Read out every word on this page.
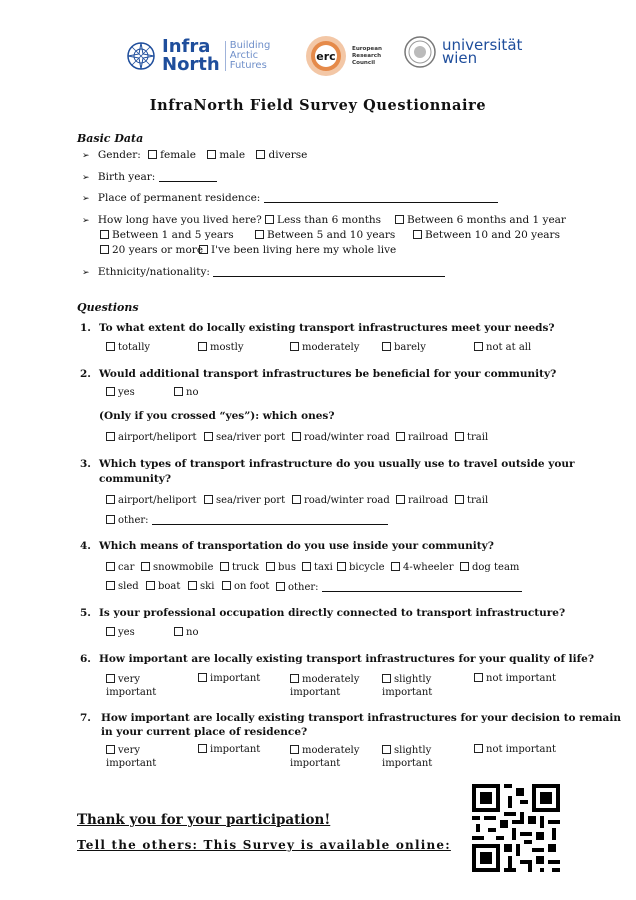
Infra
North
Building
Arctic
Futures
erc
European
Research
Council
universität
wien
InfraNorth Field Survey Questionnaire
Basic Data
➢ Gender: female male diverse
➢ Birth year:
➢ Place of permanent residence:
➢ How long have you lived here?	Less than 6 months	Between 6 months and 1 year
Between 1 and 5 years	Between 5 and 10 years	Between 10 and 20 years
20 years or more I've been living here my whole live
➢ Ethnicity/nationality:
Questions
1. To what extent do locally existing transport infrastructures meet your needs?
totally	mostly	moderately	barely	not at all
2. Would additional transport infrastructures be beneficial for your community?
yes	no
(Only if you crossed “yes”): which ones?
airport/heliport	sea/river port	road/winter road	railroad	trail
3. Which types of transport infrastructure do you usually use to travel outside your
community?
airport/heliport	sea/river port	road/winter road	railroad	trail
other:
4. Which means of transportation do you use inside your community?
car	snowmobile	truck	bus	taxi	bicycle	4-wheeler	dog team
sled	boat	ski	on foot	other:
5. Is your professional occupation directly connected to transport infrastructure?
yes	no
6. How important are locally existing transport infrastructures for your quality of life?
very
important
important	moderately
important
slightly
important
not important
7. How important are locally existing transport infrastructures for your decision to remain
in your current place of residence?
very
important
important	moderately
important
slightly
important
not important
Thank you for your participation!
Tell the others: This Survey is available online:
